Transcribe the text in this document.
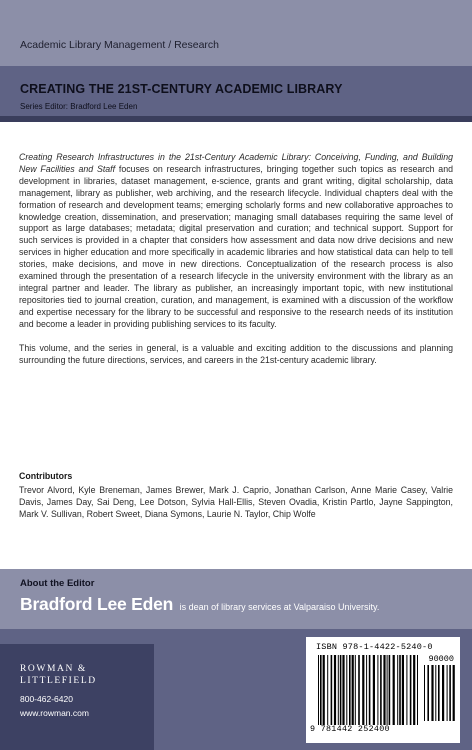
Academic Library Management / Research
CREATING THE 21ST-CENTURY ACADEMIC LIBRARY
Series Editor: Bradford Lee Eden

Creating Research Infrastructures in the 21st-Century Academic Library: Conceiving, Funding, and Building New Facilities and Staff focuses on research infrastructures, bringing together such topics as research and development in libraries, dataset management, e-science, grants and grant writing, digital scholarship, data management, library as publisher, web archiving, and the research lifecycle. Individual chapters deal with the formation of research and development teams; emerging scholarly forms and new collaborative approaches to knowledge creation, dissemination, and preservation; managing small databases requiring the same level of support as large databases; metadata; digital preservation and curation; and technical support. Support for such services is provided in a chapter that considers how assessment and data now drive decisions and new services in higher education and more specifically in academic libraries and how statistical data can help to tell stories, make decisions, and move in new directions. Conceptualization of the research process is also examined through the presentation of a research lifecycle in the university environment with the library as an integral partner and leader. The library as publisher, an increasingly important topic, with new institutional repositories tied to journal creation, curation, and management, is examined with a discussion of the workflow and expertise necessary for the library to be successful and responsive to the research needs of its institution and become a leader in providing publishing services to its faculty.

This volume, and the series in general, is a valuable and exciting addition to the discussions and planning surrounding the future directions, services, and careers in the 21st-century academic library.

Contributors
Trevor Alvord, Kyle Breneman, James Brewer, Mark J. Caprio, Jonathan Carlson, Anne Marie Casey, Valrie Davis, James Day, Sai Deng, Lee Dotson, Sylvia Hall-Ellis, Steven Ovadia, Kristin Partlo, Jayne Sappington, Mark V. Sullivan, Robert Sweet, Diana Symons, Laurie N. Taylor, Chip Wolfe
About the Editor
Bradford Lee Eden is dean of library services at Valparaiso University.
ROWMAN &
LITTLEFIELD
800-462-6420
www.rowman.com
ISBN 978-1-4422-5240-0
90000
9 781442 252400
